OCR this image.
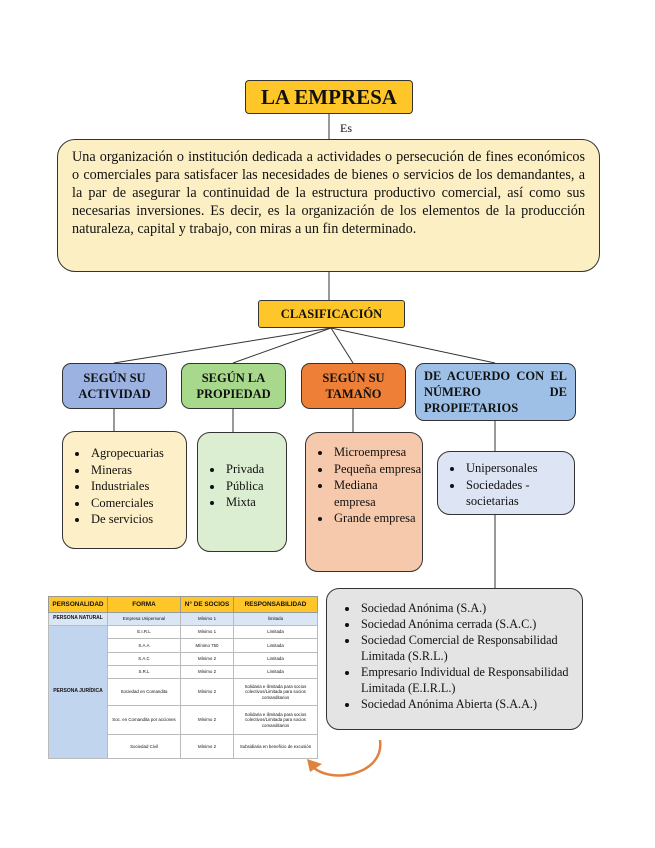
LA EMPRESA
Es
Una organización o institución dedicada a actividades o persecución de fines económicos o comerciales para satisfacer las necesidades de bienes o servicios de los demandantes, a la par de asegurar la continuidad de la estructura productivo comercial, así como sus necesarias inversiones. Es decir, es la organización de los elementos de la producción naturaleza, capital y trabajo, con miras a un fin determinado.
CLASIFICACIÓN
SEGÚN SU ACTIVIDAD
SEGÚN LA PROPIEDAD
SEGÚN SU TAMAÑO
DE ACUERDO CON EL NÚMERO DE PROPIETARIOS
• Agropecuarias
• Mineras
• Industriales
• Comerciales
• De servicios
• Privada
• Pública
• Mixta
• Microempresa
• Pequeña empresa
• Mediana empresa
• Grande empresa
• Unipersonales
• Sociedades - societarias
• Sociedad Anónima (S.A.)
• Sociedad Anónima cerrada (S.A.C.)
• Sociedad Comercial de Responsabilidad Limitada (S.R.L.)
• Empresario Individual de Responsabilidad Limitada (E.I.R.L.)
• Sociedad Anónima Abierta (S.A.A.)
PERSONALIDAD	FORMA	N° DE SOCIOS	RESPONSABILIDAD
PERSONA NATURAL	Empresa Unipersonal	Mínimo 1	limitada
PERSONA JURÍDICA	E.I.R.L	Mínimo 1	Limitada
	S.A.A	Mínimo 750	Limitada
	S.A.C	Mínimo 2	Limitada
	S.R.L	Mínimo 2	Limitada
	Sociedad en Comandita	Mínimo 2	Solidaria e ilimitada para socios colectivos/Limitada para socios comanditarios
	Soc. en Comandita por acciones	Mínimo 2	Solidaria e ilimitada para socios colectivos/Limitada para socios comanditarios
	Sociedad Civil	Mínimo 2	Subsidiaria en beneficio de excusión
